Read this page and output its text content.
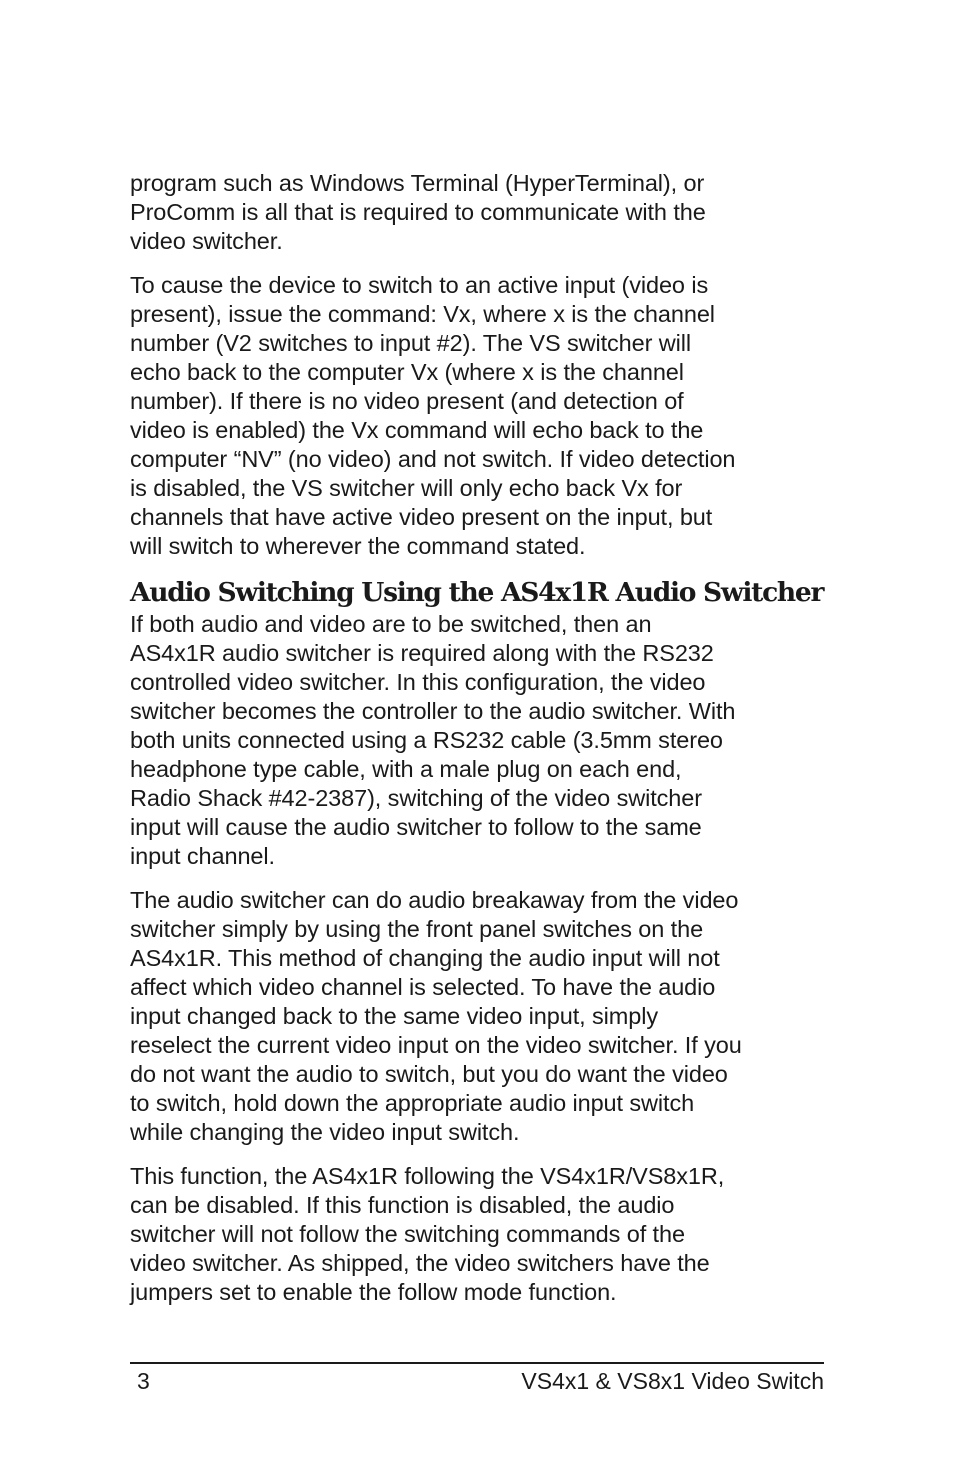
program such as Windows Terminal (HyperTerminal), or
ProComm is all that is required to communicate with the
video switcher.

To cause the device to switch to an active input (video is
present), issue the command: Vx, where x is the channel
number (V2 switches to input #2). The VS switcher will
echo back to the computer Vx (where x is the channel
number). If there is no video present (and detection of
video is enabled) the Vx command will echo back to the
computer “NV” (no video) and not switch. If video detection
is disabled, the VS switcher will only echo back Vx for
channels that have active video present on the input, but
will switch to wherever the command stated.

Audio Switching Using the AS4x1R Audio Switcher

If both audio and video are to be switched, then an
AS4x1R audio switcher is required along with the RS232
controlled video switcher. In this configuration, the video
switcher becomes the controller to the audio switcher. With
both units connected using a RS232 cable (3.5mm stereo
headphone type cable, with a male plug on each end,
Radio Shack #42-2387), switching of the video switcher
input will cause the audio switcher to follow to the same
input channel.

The audio switcher can do audio breakaway from the video
switcher simply by using the front panel switches on the
AS4x1R. This method of changing the audio input will not
affect which video channel is selected. To have the audio
input changed back to the same video input, simply
reselect the current video input on the video switcher. If you
do not want the audio to switch, but you do want the video
to switch, hold down the appropriate audio input switch
while changing the video input switch.

This function, the AS4x1R following the VS4x1R/VS8x1R,
can be disabled. If this function is disabled, the audio
switcher will not follow the switching commands of the
video switcher. As shipped, the video switchers have the
jumpers set to enable the follow mode function.

3	VS4x1 & VS8x1 Video Switch
